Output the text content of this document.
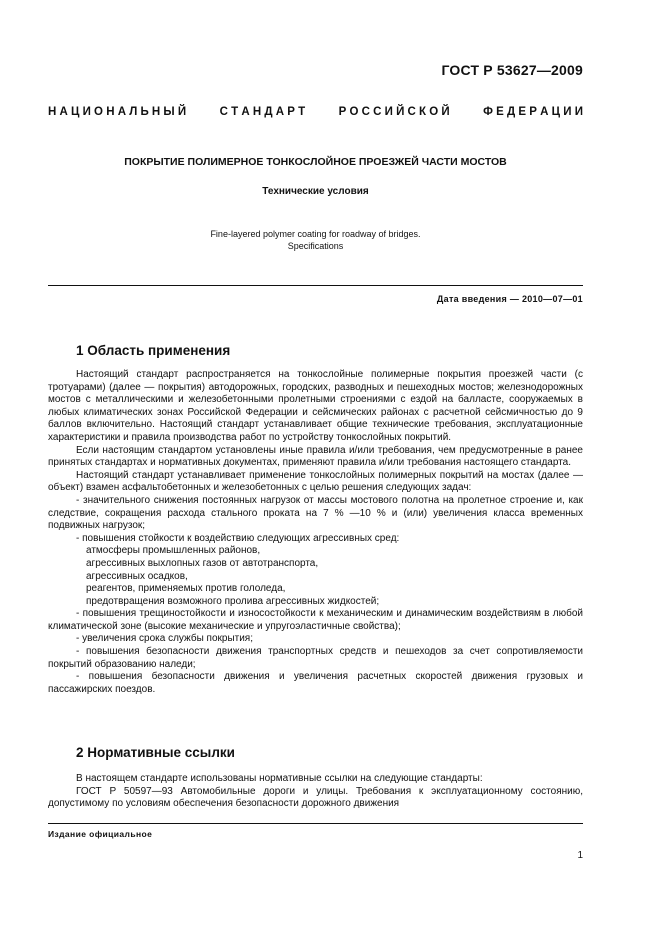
ГОСТ Р 53627—2009
Н А Ц И О Н А Л Ь Н Ы Й	С Т А Н Д А Р Т	Р О С С И Й С К О Й	Ф Е Д Е Р А Ц И И
ПОКРЫТИЕ ПОЛИМЕРНОЕ ТОНКОСЛОЙНОЕ ПРОЕЗЖЕЙ ЧАСТИ МОСТОВ
Технические условия
Fine-layered polymer coating for roadway of bridges.
Specifications
Дата введения — 2010—07—01
1 Область применения

Настоящий стандарт распространяется на тонкослойные полимерные покрытия проезжей части (с тротуарами) (далее — покрытия) автодорожных, городских, разводных и пешеходных мостов; железнодорожных мостов с металлическими и железобетонными пролетными строениями с ездой на балласте, сооружаемых в любых климатических зонах Российской Федерации и сейсмических районах с расчетной сейсмичностью до 9 баллов включительно. Настоящий стандарт устанавливает общие технические требования, эксплуатационные характеристики и правила производства работ по устройству тонкослойных покрытий.

Если настоящим стандартом установлены иные правила и/или требования, чем предусмотренные в ранее принятых стандартах и нормативных документах, применяют правила и/или требования настоящего стандарта.

Настоящий стандарт устанавливает применение тонкослойных полимерных покрытий на мостах (далее — объект) взамен асфальтобетонных и железобетонных с целью решения следующих задач:

- значительного снижения постоянных нагрузок от массы мостового полотна на пролетное строение и, как следствие, сокращения расхода стального проката на 7 % —10 % и (или) увеличения класса временных подвижных нагрузок;

- повышения стойкости к воздействию следующих агрессивных сред:

атмосферы промышленных районов,

агрессивных выхлопных газов от автотранспорта,

агрессивных осадков,

реагентов, применяемых против гололеда,

предотвращения возможного пролива агрессивных жидкостей;

- повышения трещиностойкости и износостойкости к механическим и динамическим воздействиям в любой климатической зоне (высокие механические и упругоэластичные свойства);

- увеличения срока службы покрытия;

- повышения безопасности движения транспортных средств и пешеходов за счет сопротивляемости покрытий образованию наледи;

- повышения безопасности движения и увеличения расчетных скоростей движения грузовых и пассажирских поездов.

2 Нормативные ссылки

В настоящем стандарте использованы нормативные ссылки на следующие стандарты:

ГОСТ Р 50597—93 Автомобильные дороги и улицы. Требования к эксплуатационному состоянию, допустимому по условиям обеспечения безопасности дорожного движения

Издание официальное
1
